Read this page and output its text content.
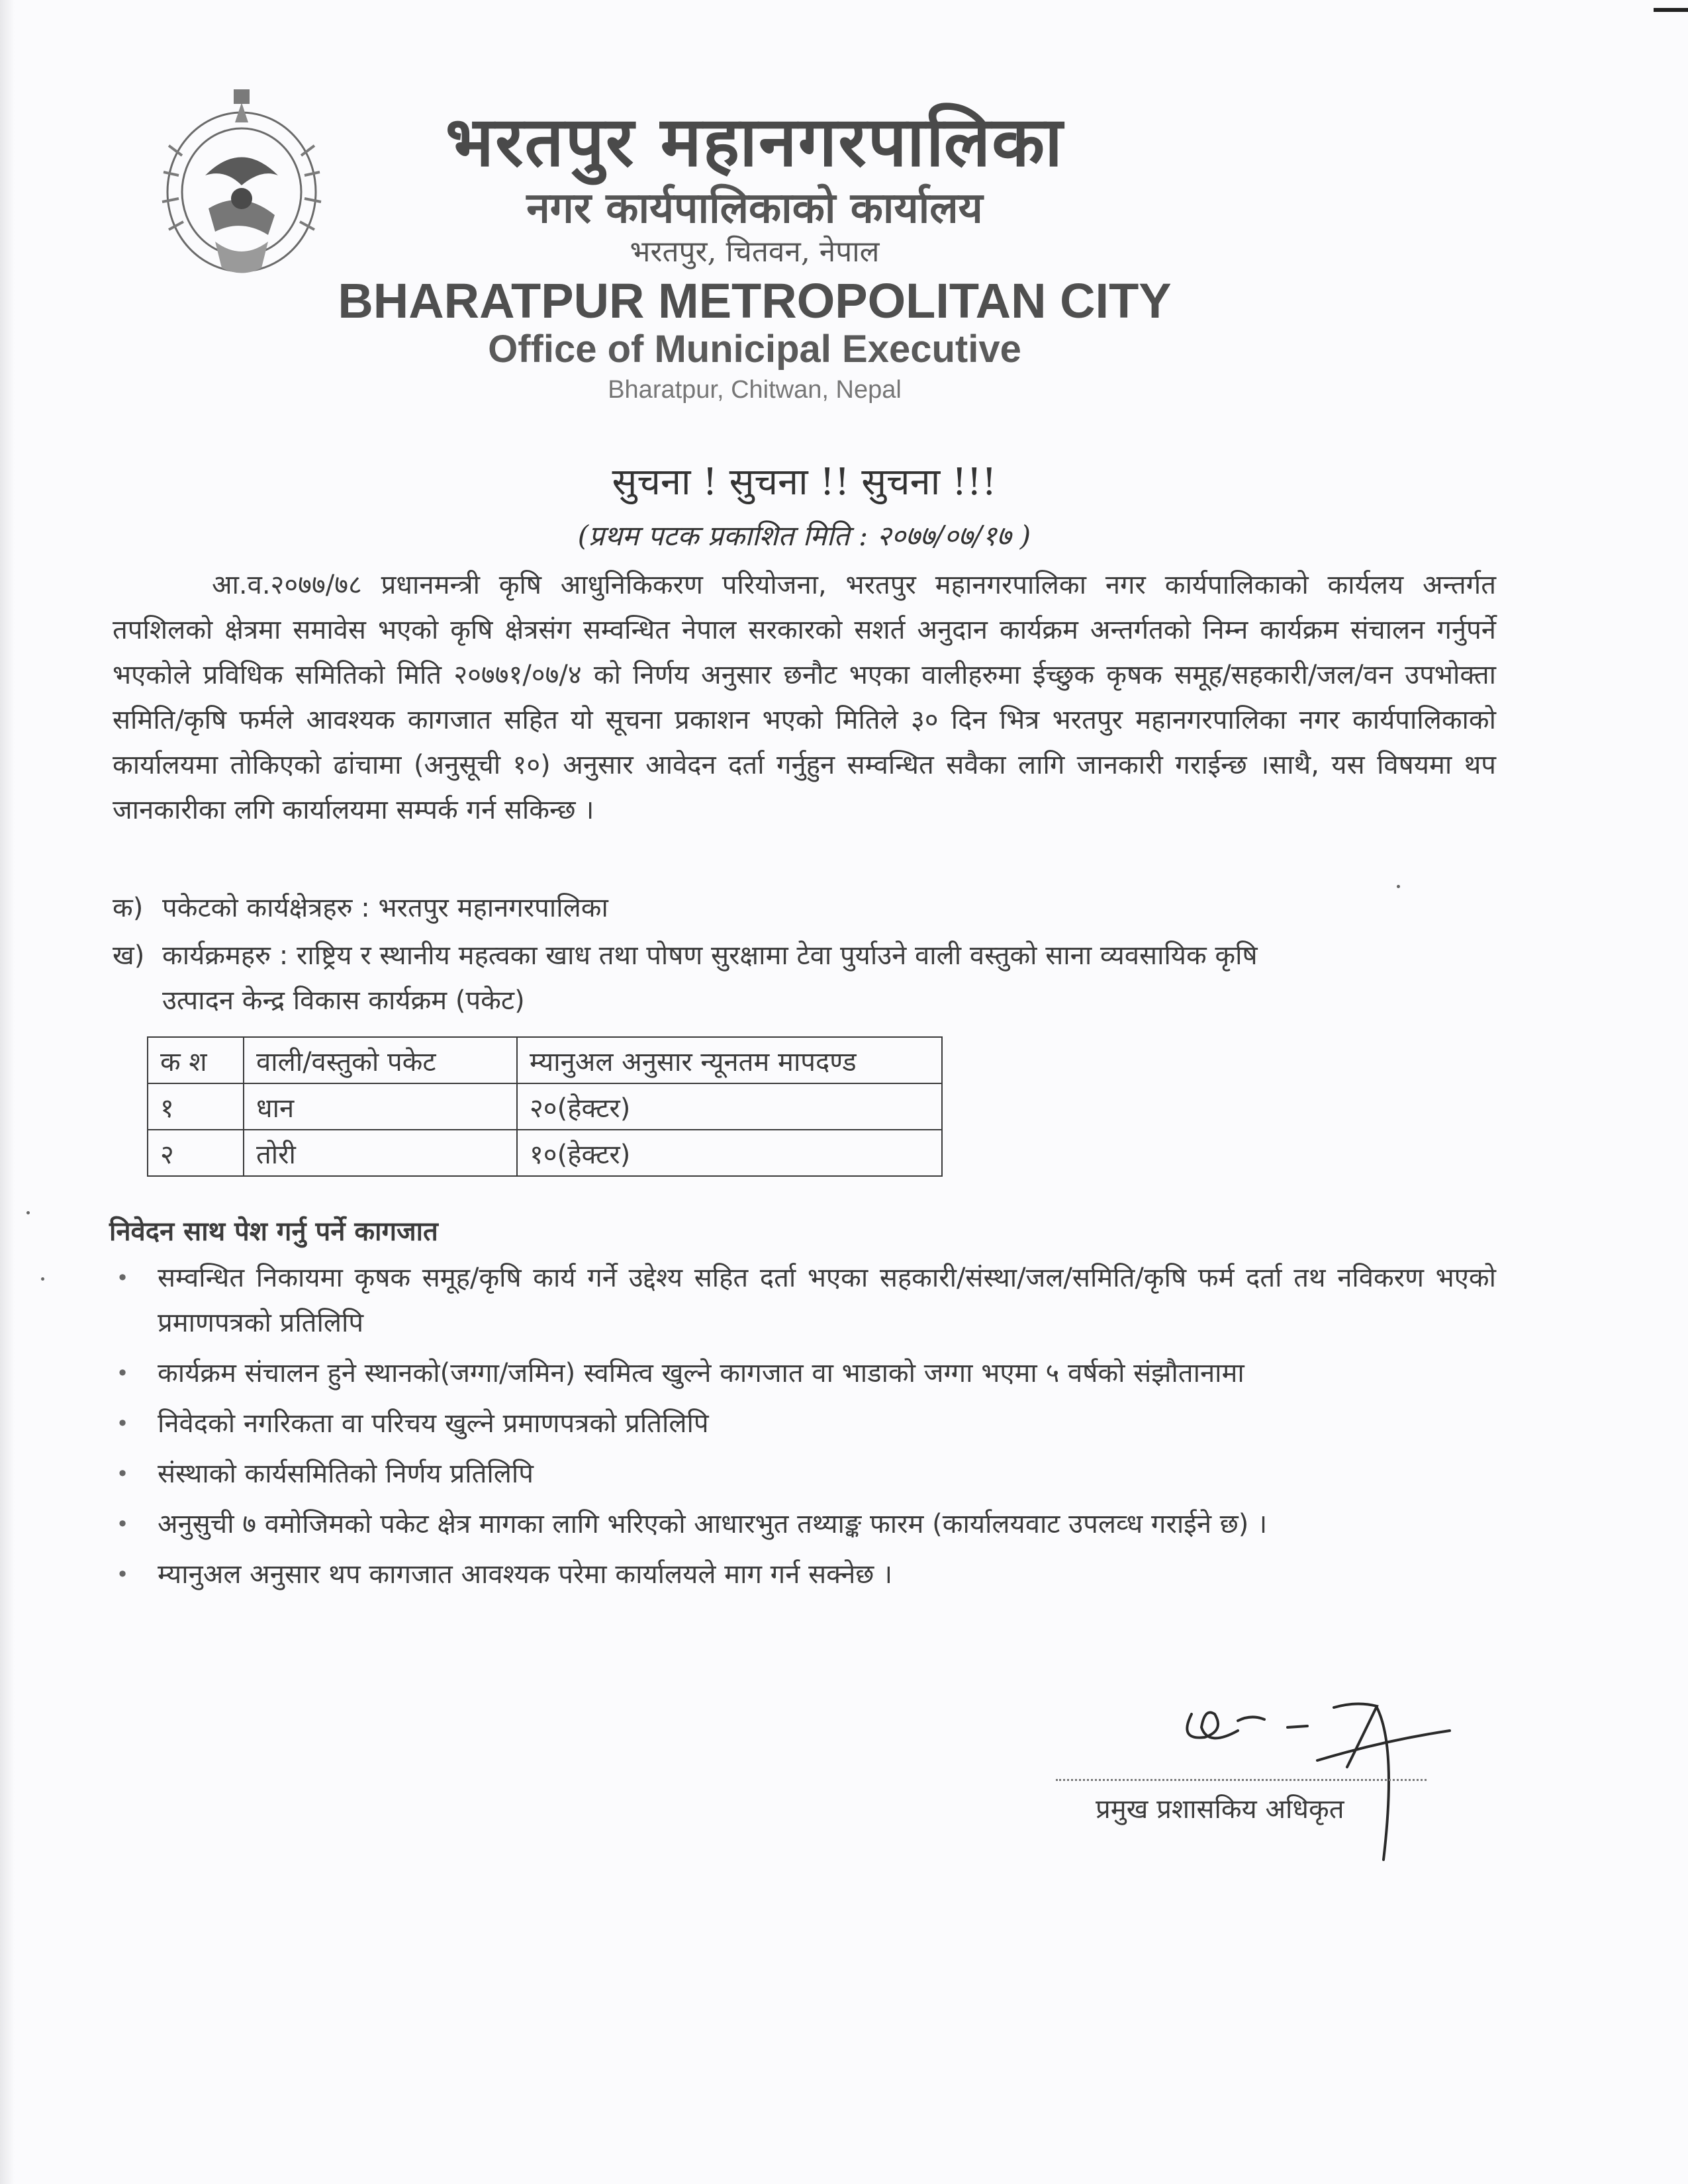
भरतपुर महानगरपालिका
नगर कार्यपालिकाको कार्यालय
भरतपुर, चितवन, नेपाल
BHARATPUR METROPOLITAN CITY
Office of Municipal Executive
Bharatpur, Chitwan, Nepal
सुचना ! सुचना !! सुचना !!!
(प्रथम पटक प्रकाशित मिति : २०७७/०७/१७ )
आ.व.२०७७/७८ प्रधानमन्त्री कृषि आधुनिकिकरण परियोजना, भरतपुर महानगरपालिका नगर कार्यपालिकाको कार्यलय अन्तर्गत तपशिलको क्षेत्रमा समावेस भएको कृषि क्षेत्रसंग सम्वन्धित नेपाल सरकारको सशर्त अनुदान कार्यक्रम अन्तर्गतको निम्न कार्यक्रम संचालन गर्नुपर्ने भएकोले प्रविधिक समितिको मिति २०७७१/०७/४ को निर्णय अनुसार छनौट भएका वालीहरुमा ईच्छुक कृषक समूह/सहकारी/जल/वन उपभोक्ता समिति/कृषि फर्मले आवश्यक कागजात सहित यो सूचना प्रकाशन भएको मितिले ३० दिन भित्र भरतपुर महानगरपालिका नगर कार्यपालिकाको कार्यालयमा तोकिएको ढांचामा (अनुसूची १०) अनुसार आवेदन दर्ता गर्नुहुन सम्वन्धित सवैका लागि जानकारी गराईन्छ ।साथै, यस विषयमा थप जानकारीका लगि कार्यालयमा सम्पर्क गर्न सकिन्छ ।
क) पकेटको कार्यक्षेत्रहरु : भरतपुर महानगरपालिका
ख) कार्यक्रमहरु : राष्ट्रिय र स्थानीय महत्वका खाध तथा पोषण सुरक्षामा टेवा पुर्याउने वाली वस्तुको साना व्यवसायिक कृषि
उत्पादन केन्द्र विकास कार्यक्रम (पकेट)
क श	वाली/वस्तुको पकेट	म्यानुअल अनुसार न्यूनतम मापदण्ड
१	धान	२०(हेक्टर)
२	तोरी	१०(हेक्टर)
निवेदन साथ पेश गर्नु पर्ने कागजात
• सम्वन्धित निकायमा कृषक समूह/कृषि कार्य गर्ने उद्देश्य सहित दर्ता भएका सहकारी/संस्था/जल/समिति/कृषि फर्म दर्ता तथ नविकरण भएको प्रमाणपत्रको प्रतिलिपि
• कार्यक्रम संचालन हुने स्थानको(जग्गा/जमिन) स्वमित्व खुल्ने कागजात वा भाडाको जग्गा भएमा ५ वर्षको संझौतानामा
• निवेदको नगरिकता वा परिचय खुल्ने प्रमाणपत्रको प्रतिलिपि
• संस्थाको कार्यसमितिको निर्णय प्रतिलिपि
• अनुसुची ७ वमोजिमको पकेट क्षेत्र मागका लागि भरिएको आधारभुत तथ्याङ्क फारम (कार्यालयवाट उपलव्ध गराईने छ) ।
• म्यानुअल अनुसार थप कागजात आवश्यक परेमा कार्यालयले माग गर्न सक्नेछ ।
प्रमुख प्रशासकिय अधिकृत
